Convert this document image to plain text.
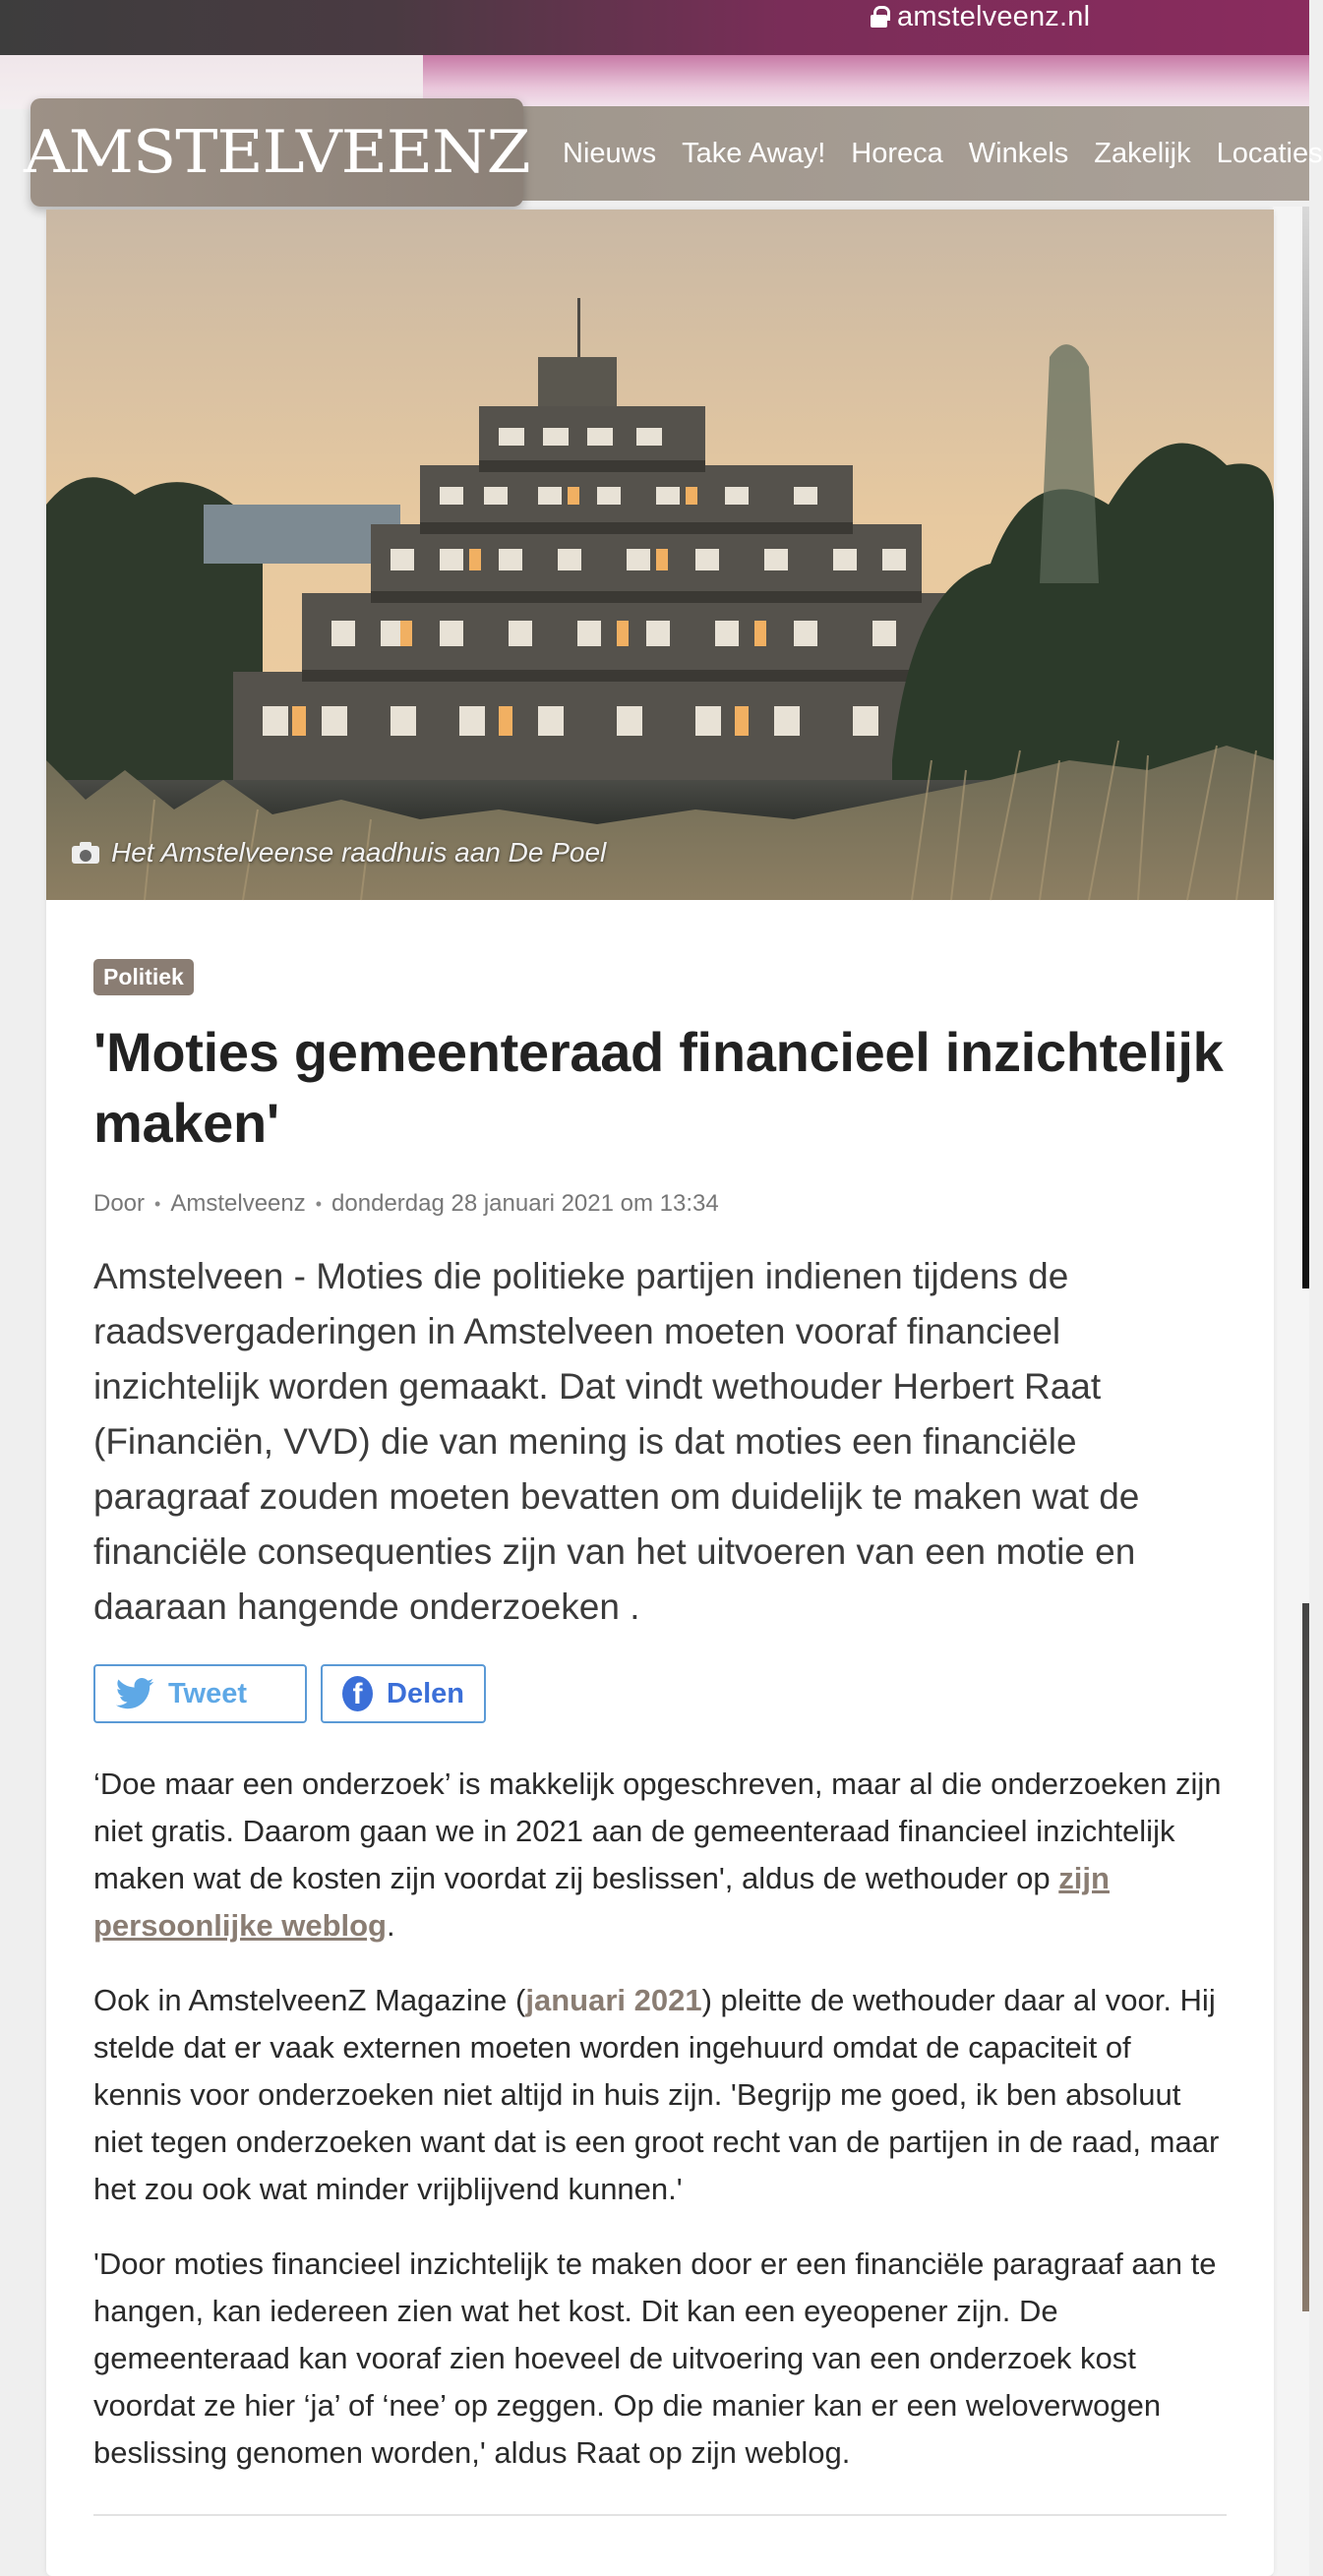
amstelveenz.nl
Nieuws Take Away! Horeca Winkels Zakelijk Locaties
AMSTELVEENZ
Het Amstelveense raadhuis aan De Poel
Politiek
'Moties gemeenteraad financieel inzichtelijk maken'
Door • Amstelveenz • donderdag 28 januari 2021 om 13:34

Amstelveen - Moties die politieke partijen indienen tijdens de raadsvergaderingen in Amstelveen moeten vooraf financieel inzichtelijk worden gemaakt. Dat vindt wethouder Herbert Raat (Financiën, VVD) die van mening is dat moties een financiële paragraaf zouden moeten bevatten om duidelijk te maken wat de financiële consequenties zijn van het uitvoeren van een motie en daaraan hangende onderzoeken .

Tweet	f Delen

‘Doe maar een onderzoek’ is makkelijk opgeschreven, maar al die onderzoeken zijn niet gratis. Daarom gaan we in 2021 aan de gemeenteraad financieel inzichtelijk maken wat de kosten zijn voordat zij beslissen', aldus de wethouder op zijn persoonlijke weblog.

Ook in AmstelveenZ Magazine (januari 2021) pleitte de wethouder daar al voor. Hij stelde dat er vaak externen moeten worden ingehuurd omdat de capaciteit of kennis voor onderzoeken niet altijd in huis zijn. 'Begrijp me goed, ik ben absoluut niet tegen onderzoeken want dat is een groot recht van de partijen in de raad, maar het zou ook wat minder vrijblijvend kunnen.'

'Door moties financieel inzichtelijk te maken door er een financiële paragraaf aan te hangen, kan iedereen zien wat het kost. Dit kan een eyeopener zijn. De gemeenteraad kan vooraf zien hoeveel de uitvoering van een onderzoek kost voordat ze hier ‘ja’ of ‘nee’ op zeggen. Op die manier kan er een weloverwogen beslissing genomen worden,' aldus Raat op zijn weblog.
